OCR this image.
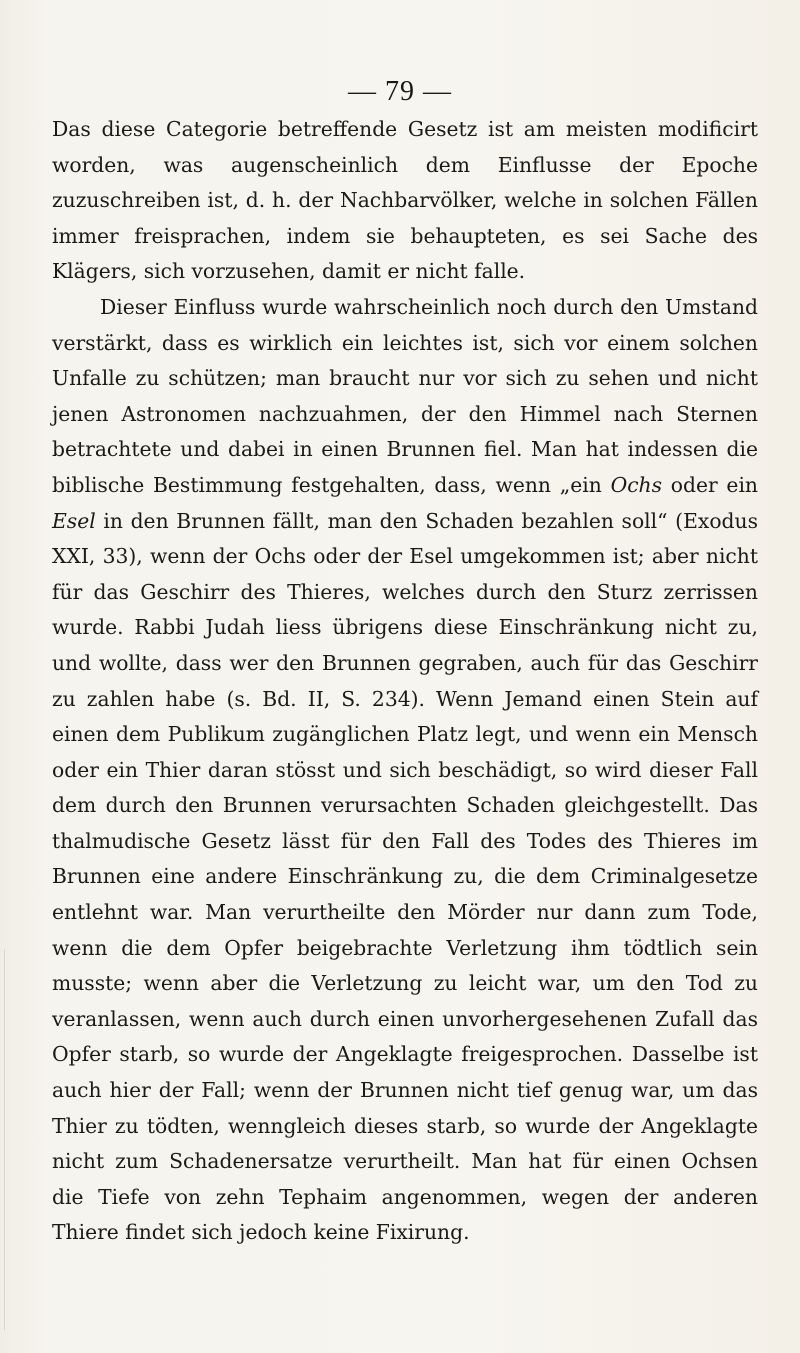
— 79 —

Das diese Categorie betreffende Gesetz ist am meisten modificirt worden, was augenscheinlich dem Einflusse der Epoche zuzuschreiben ist, d. h. der Nachbarvölker, welche in solchen Fällen immer freisprachen, indem sie behaupteten, es sei Sache des Klägers, sich vorzusehen, damit er nicht falle.

Dieser Einfluss wurde wahrscheinlich noch durch den Umstand verstärkt, dass es wirklich ein leichtes ist, sich vor einem solchen Unfalle zu schützen; man braucht nur vor sich zu sehen und nicht jenen Astronomen nachzuahmen, der den Himmel nach Sternen betrachtete und dabei in einen Brunnen fiel. Man hat indessen die biblische Bestimmung festgehalten, dass, wenn „ein Ochs oder ein Esel in den Brunnen fällt, man den Schaden bezahlen soll“ (Exodus XXI, 33), wenn der Ochs oder der Esel umgekommen ist; aber nicht für das Geschirr des Thieres, welches durch den Sturz zerrissen wurde. Rabbi Judah liess übrigens diese Einschränkung nicht zu, und wollte, dass wer den Brunnen gegraben, auch für das Geschirr zu zahlen habe (s. Bd. II, S. 234). Wenn Jemand einen Stein auf einen dem Publikum zugänglichen Platz legt, und wenn ein Mensch oder ein Thier daran stösst und sich beschädigt, so wird dieser Fall dem durch den Brunnen verursachten Schaden gleichgestellt. Das thalmudische Gesetz lässt für den Fall des Todes des Thieres im Brunnen eine andere Einschränkung zu, die dem Criminalgesetze entlehnt war. Man verurtheilte den Mörder nur dann zum Tode, wenn die dem Opfer beigebrachte Verletzung ihm tödtlich sein musste; wenn aber die Verletzung zu leicht war, um den Tod zu veranlassen, wenn auch durch einen unvorhergesehenen Zufall das Opfer starb, so wurde der Angeklagte freigesprochen. Dasselbe ist auch hier der Fall; wenn der Brunnen nicht tief genug war, um das Thier zu tödten, wenngleich dieses starb, so wurde der Angeklagte nicht zum Schadenersatze verurtheilt. Man hat für einen Ochsen die Tiefe von zehn Tephaim angenommen, wegen der anderen Thiere findet sich jedoch keine Fixirung.
